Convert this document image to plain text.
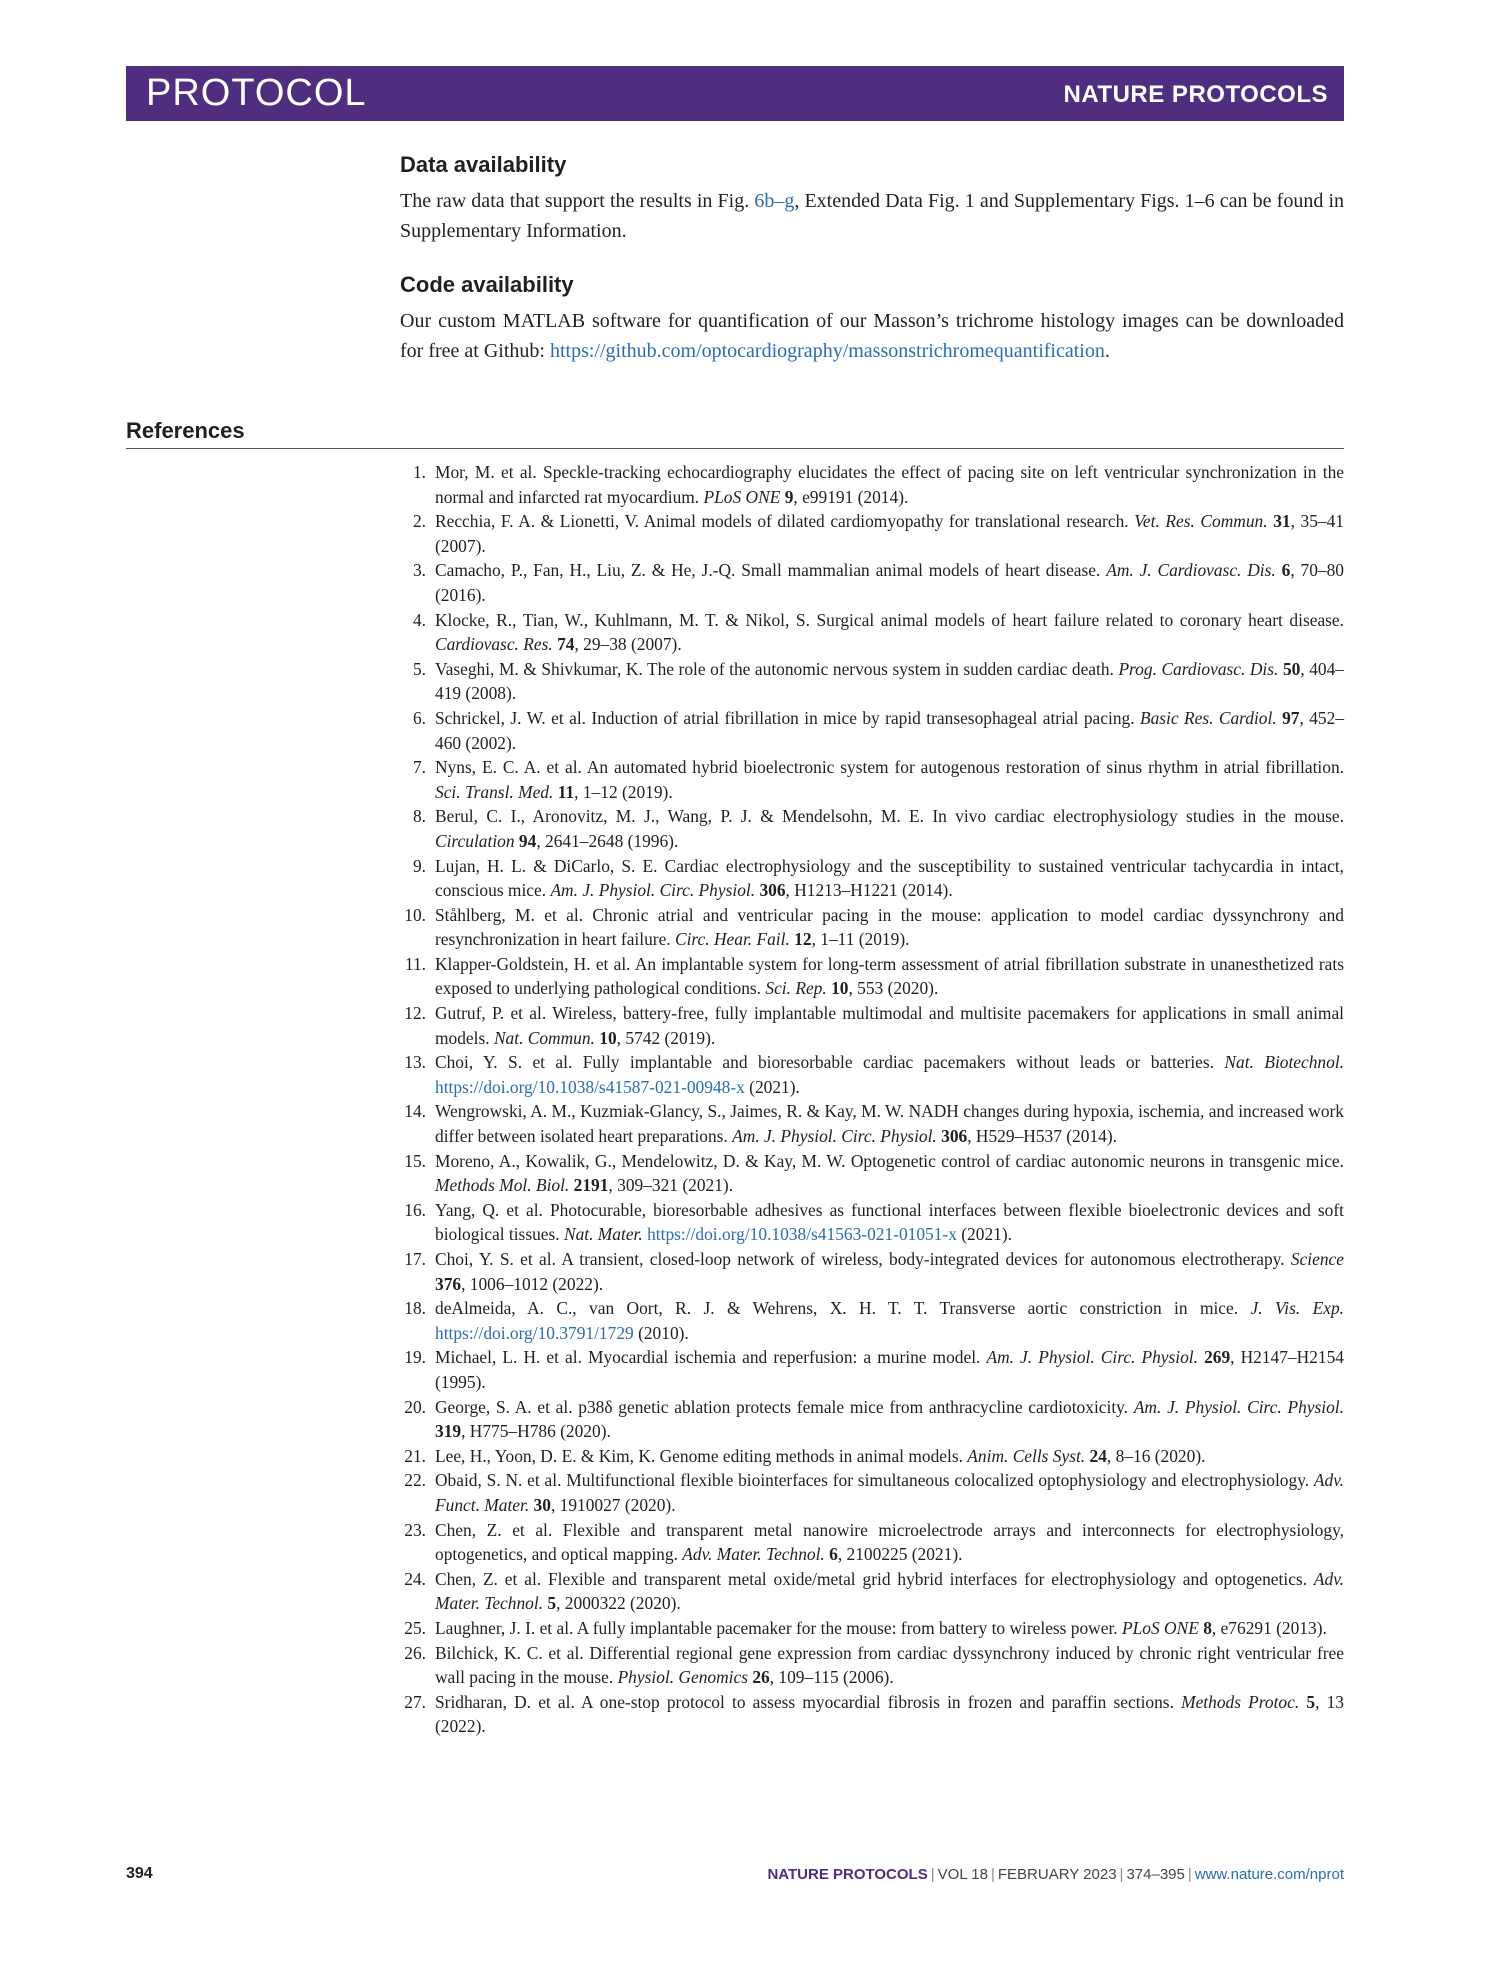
PROTOCOL	NATURE PROTOCOLS
Data availability

The raw data that support the results in Fig. 6b–g, Extended Data Fig. 1 and Supplementary Figs. 1–6 can be found in Supplementary Information.

Code availability

Our custom MATLAB software for quantification of our Masson’s trichrome histology images can be downloaded for free at Github: https://github.com/optocardiography/massonstrichromequantification.

References
1. Mor, M. et al. Speckle-tracking echocardiography elucidates the effect of pacing site on left ventricular synchronization in the normal and infarcted rat myocardium. PLoS ONE 9, e99191 (2014).
2. Recchia, F. A. & Lionetti, V. Animal models of dilated cardiomyopathy for translational research. Vet. Res. Commun. 31, 35–41 (2007).
3. Camacho, P., Fan, H., Liu, Z. & He, J.-Q. Small mammalian animal models of heart disease. Am. J. Cardiovasc. Dis. 6, 70–80 (2016).
4. Klocke, R., Tian, W., Kuhlmann, M. T. & Nikol, S. Surgical animal models of heart failure related to coronary heart disease. Cardiovasc. Res. 74, 29–38 (2007).
5. Vaseghi, M. & Shivkumar, K. The role of the autonomic nervous system in sudden cardiac death. Prog. Cardiovasc. Dis. 50, 404–419 (2008).
6. Schrickel, J. W. et al. Induction of atrial fibrillation in mice by rapid transesophageal atrial pacing. Basic Res. Cardiol. 97, 452–460 (2002).
7. Nyns, E. C. A. et al. An automated hybrid bioelectronic system for autogenous restoration of sinus rhythm in atrial fibrillation. Sci. Transl. Med. 11, 1–12 (2019).
8. Berul, C. I., Aronovitz, M. J., Wang, P. J. & Mendelsohn, M. E. In vivo cardiac electrophysiology studies in the mouse. Circulation 94, 2641–2648 (1996).
9. Lujan, H. L. & DiCarlo, S. E. Cardiac electrophysiology and the susceptibility to sustained ventricular tachycardia in intact, conscious mice. Am. J. Physiol. Circ. Physiol. 306, H1213–H1221 (2014).
10. Ståhlberg, M. et al. Chronic atrial and ventricular pacing in the mouse: application to model cardiac dyssynchrony and resynchronization in heart failure. Circ. Hear. Fail. 12, 1–11 (2019).
11. Klapper-Goldstein, H. et al. An implantable system for long-term assessment of atrial fibrillation substrate in unanesthetized rats exposed to underlying pathological conditions. Sci. Rep. 10, 553 (2020).
12. Gutruf, P. et al. Wireless, battery-free, fully implantable multimodal and multisite pacemakers for applications in small animal models. Nat. Commun. 10, 5742 (2019).
13. Choi, Y. S. et al. Fully implantable and bioresorbable cardiac pacemakers without leads or batteries. Nat. Biotechnol. https://doi.org/10.1038/s41587-021-00948-x (2021).
14. Wengrowski, A. M., Kuzmiak-Glancy, S., Jaimes, R. & Kay, M. W. NADH changes during hypoxia, ischemia, and increased work differ between isolated heart preparations. Am. J. Physiol. Circ. Physiol. 306, H529–H537 (2014).
15. Moreno, A., Kowalik, G., Mendelowitz, D. & Kay, M. W. Optogenetic control of cardiac autonomic neurons in transgenic mice. Methods Mol. Biol. 2191, 309–321 (2021).
16. Yang, Q. et al. Photocurable, bioresorbable adhesives as functional interfaces between flexible bioelectronic devices and soft biological tissues. Nat. Mater. https://doi.org/10.1038/s41563-021-01051-x (2021).
17. Choi, Y. S. et al. A transient, closed-loop network of wireless, body-integrated devices for autonomous electrotherapy. Science 376, 1006–1012 (2022).
18. deAlmeida, A. C., van Oort, R. J. & Wehrens, X. H. T. T. Transverse aortic constriction in mice. J. Vis. Exp. https://doi.org/10.3791/1729 (2010).
19. Michael, L. H. et al. Myocardial ischemia and reperfusion: a murine model. Am. J. Physiol. Circ. Physiol. 269, H2147–H2154 (1995).
20. George, S. A. et al. p38δ genetic ablation protects female mice from anthracycline cardiotoxicity. Am. J. Physiol. Circ. Physiol. 319, H775–H786 (2020).
21. Lee, H., Yoon, D. E. & Kim, K. Genome editing methods in animal models. Anim. Cells Syst. 24, 8–16 (2020).
22. Obaid, S. N. et al. Multifunctional flexible biointerfaces for simultaneous colocalized optophysiology and electrophysiology. Adv. Funct. Mater. 30, 1910027 (2020).
23. Chen, Z. et al. Flexible and transparent metal nanowire microelectrode arrays and interconnects for electrophysiology, optogenetics, and optical mapping. Adv. Mater. Technol. 6, 2100225 (2021).
24. Chen, Z. et al. Flexible and transparent metal oxide/metal grid hybrid interfaces for electrophysiology and optogenetics. Adv. Mater. Technol. 5, 2000322 (2020).
25. Laughner, J. I. et al. A fully implantable pacemaker for the mouse: from battery to wireless power. PLoS ONE 8, e76291 (2013).
26. Bilchick, K. C. et al. Differential regional gene expression from cardiac dyssynchrony induced by chronic right ventricular free wall pacing in the mouse. Physiol. Genomics 26, 109–115 (2006).
27. Sridharan, D. et al. A one-stop protocol to assess myocardial fibrosis in frozen and paraffin sections. Methods Protoc. 5, 13 (2022).
394	NATURE PROTOCOLS | VOL 18 | FEBRUARY 2023 | 374–395 | www.nature.com/nprot
